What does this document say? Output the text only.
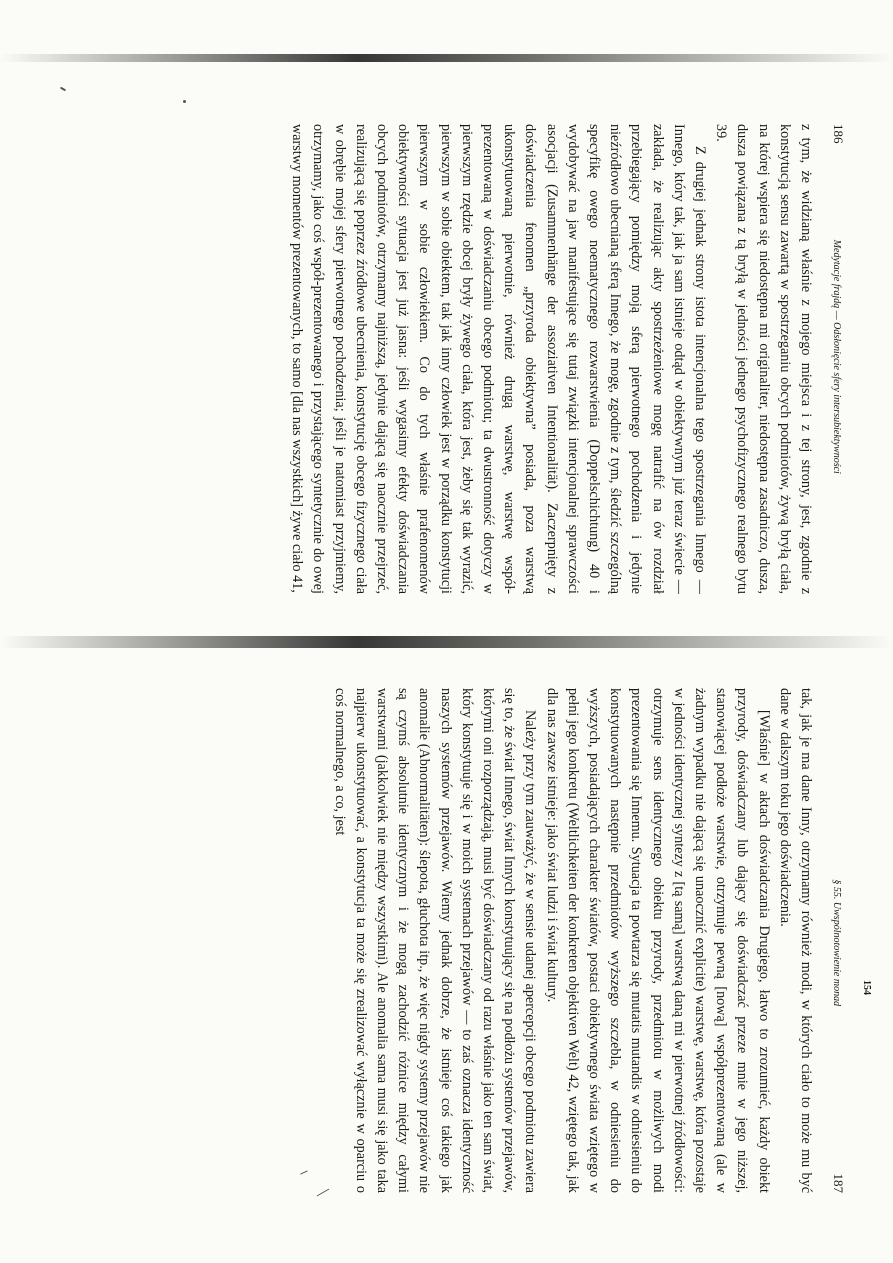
186
Medytacje frajdą — Odsłonięcie sfery intersubiektywności

z tym, że widzianą właśnie z mojego miejsca i z tej strony, jest, zgodnie z konstytucją sensu zawartą w spostrzeganiu obcych podmiotów, żywą bryłą ciała, na której wspiera się niedostępna mi originaliter, niedostępna zasadniczo, dusza, dusza powiązana z tą bryłą w jedności jednego psychofizycznego realnego bytu 39.

Z drugiej jednak strony istota intencjonalna tego spostrzegania Innego — Innego, który tak, jak ja sam istnieje odtąd w obiektywnym już teraz świecie — zakłada, że realizując akty spostrzeżeniowe mogę natrafić na ów rozdział przebiegający pomiędzy moją sferą pierwotnego pochodzenia i jedynie nieźródłowo ubecnianą sferą Innego, że mogę, zgodnie z tym, śledzić szczególną specyfikę owego noematycznego rozwarstwienia (Doppelschichtung) 40 i wydobywać na jaw manifestujące się tutaj związki intencjonalnej sprawczości asocjacji (Zusammenhänge der assoziativen Intentionalität). Zaczerpnięty z doświadczenia fenomen „przyroda obiektywna” posiada, poza warstwą ukonstytuowaną pierwotnie, również drugą warstwę, warstwę współ-prezentowaną w doświadczaniu obcego podmiotu; ta dwustronność dotyczy w pierwszym rzędzie obcej bryły żywego ciała, która jest, żeby się tak wyrazić, pierwszym w sobie obiektem, tak jak inny człowiek jest w porządku konstytucji pierwszym w sobie człowiekiem. Co do tych właśnie prafenomenów obiektywności sytuacja jest już jasna: jeśli wygasimy efekty doświadczania obcych podmiotów, otrzymamy najniższą, jedynie dającą się naocznie przejrzeć, realizującą się poprzez źródłowe ubecnienia, konstytucję obcego fizycznego ciała w obrębie mojej sfery pierwotnego pochodzenia; jeśli je natomiast przyjmiemy, otrzymamy, jako coś współ-prezentowanego i przystającego syntetycznie do owej warstwy momentów prezentowanych, to samo [dla nas wszystkich] żywe ciało 41,

§ 55. Uwspólnotowienie monad
187

tak, jak je ma dane Inny, otrzymamy również modi, w których ciało to może mu być dane w dalszym toku jego doświadczenia.

[Właśnie] w aktach doświadczania Drugiego, łatwo to zrozumieć, każdy obiekt przyrody, doświadczany lub dający się doświadczać przeze mnie w jego niższej, stanowiącej podłoże warstwie, otrzymuje pewną [nową] współprezentowaną (ale w żadnym wypadku nie dającą się unaocznić explicite) warstwę, warstwę, która pozostaje w jedności identycznej syntezy z [tą samą] warstwą daną mi w pierwotnej źródłowości: otrzymuje sens identycznego obiektu przyrody, przedmiotu w możliwych modi prezentowania się Innemu. Sytuacja ta powtarza się mutatis mutandis w odniesieniu do konstytuowanych następnie przedmiotów wyższego szczebla, w odniesieniu do wyższych, posiadających charakter światów, postaci obiektywnego świata wziętego w pełni jego konkretu (Weltlichkeiten der konkreten objektiven Welt) 42, wziętego tak, jak dla nas zawsze istnieje: jako świat ludzi i świat kultury.

Należy przy tym zauważyć, że w sensie udanej apercepcji obcego podmiotu zawiera się to, że świat Innego, świat Innych konstytuujący się na podłożu systemów przejawów, którymi oni rozporządzają, musi być doświadczany od razu właśnie jako ten sam świat, który konstytuuje się i w moich systemach przejawów — to zaś oznacza identyczność naszych systemów przejawów. Wiemy jednak dobrze, że istnieje coś takiego jak anomalie (Abnormalitäten): ślepota, głuchota itp., że więc nigdy systemy przejawów nie są czymś absolutnie identycznym i że mogą zachodzić różnice między całymi warstwami (jakkolwiek nie między wszystkimi). Ale anomalia sama musi się jako taka najpierw ukonstytuować, a konstytucja ta może się zrealizować wyłącznie w oparciu o coś normalnego, a co, jest

154
